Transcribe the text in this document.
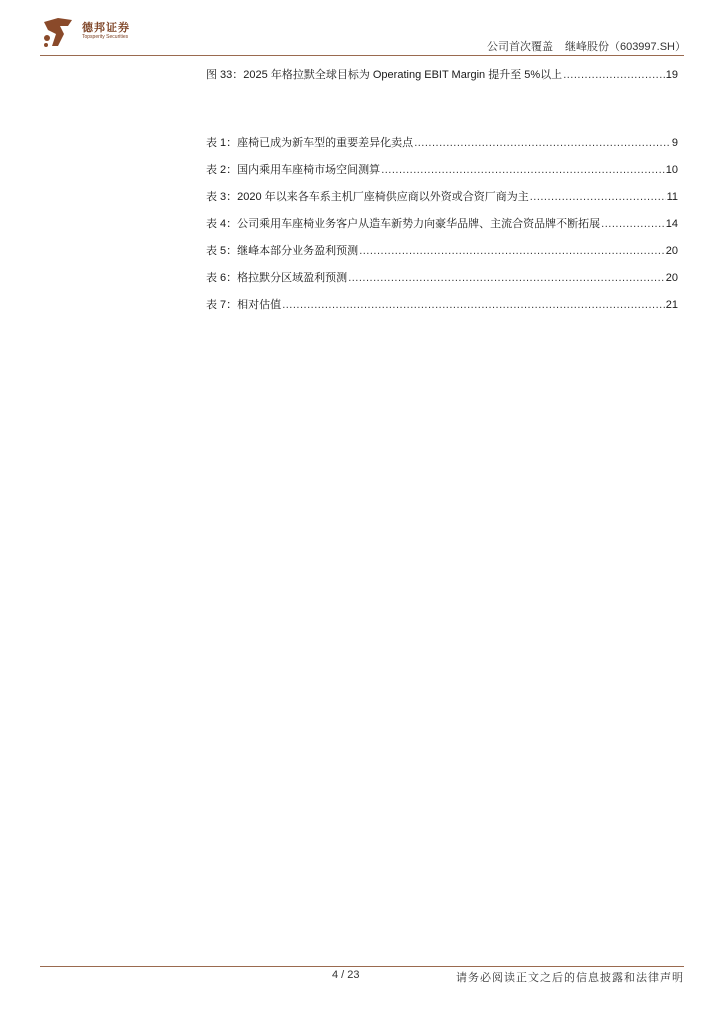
德邦证券
Topsperity Securities
公司首次覆盖 继峰股份（603997.SH）
图 33：2025 年格拉默全球目标为 Operating EBIT Margin 提升至 5%以上 .....	19
表 1：座椅已成为新车型的重要差异化卖点 .....	9
表 2：国内乘用车座椅市场空间测算 .....	10
表 3：2020 年以来各车系主机厂座椅供应商以外资或合资厂商为主 .....	11
表 4：公司乘用车座椅业务客户从造车新势力向豪华品牌、主流合资品牌不断拓展 .....	14
表 5：继峰本部分业务盈利预测 .....	20
表 6：格拉默分区域盈利预测 .....	20
表 7：相对估值 .....	21
4 / 23	请务必阅读正文之后的信息披露和法律声明
